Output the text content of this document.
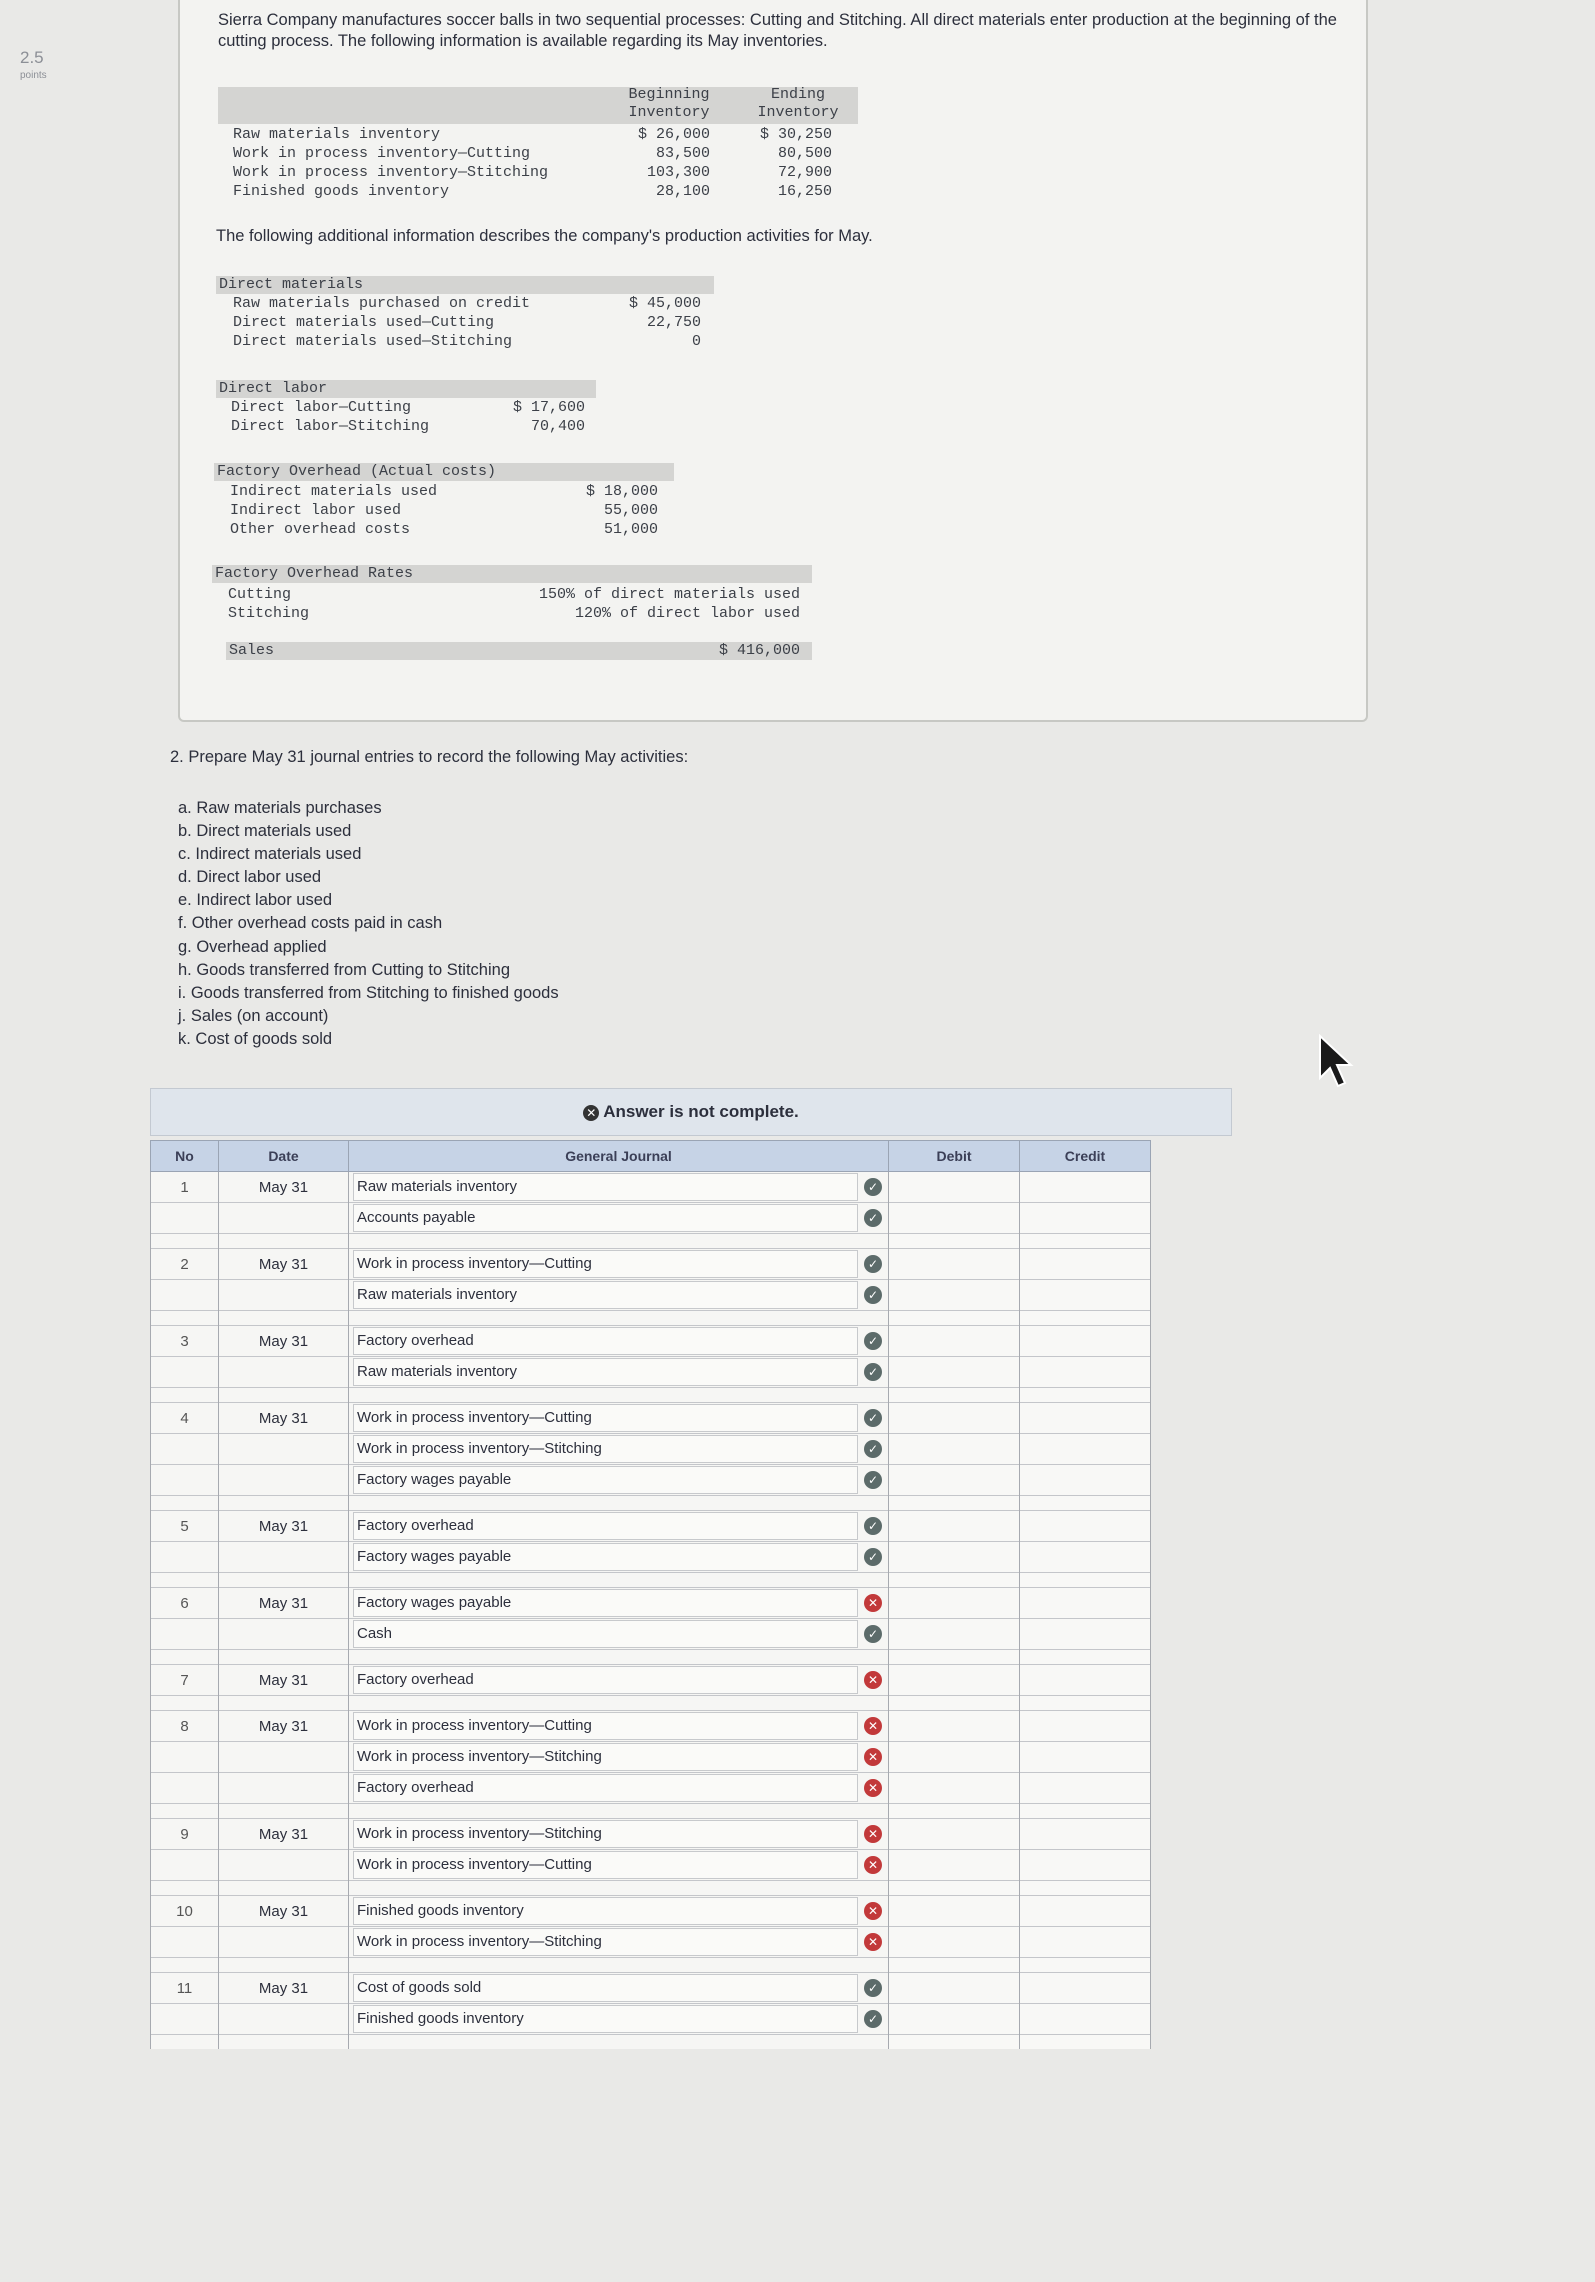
2.5
points
Sierra Company manufactures soccer balls in two sequential processes: Cutting and Stitching. All direct materials enter production at the beginning of the cutting process. The following information is available regarding its May inventories.
Beginning Inventory
Ending Inventory
Raw materials inventory	$ 26,000	$ 30,250
Work in process inventory—Cutting	83,500	80,500
Work in process inventory—Stitching	103,300	72,900
Finished goods inventory	28,100	16,250
The following additional information describes the company's production activities for May.
Direct materials
Raw materials purchased on credit	$ 45,000
Direct materials used—Cutting	22,750
Direct materials used—Stitching	0
Direct labor
Direct labor—Cutting	$ 17,600
Direct labor—Stitching	70,400
Factory Overhead (Actual costs)
Indirect materials used	$ 18,000
Indirect labor used	55,000
Other overhead costs	51,000
Factory Overhead Rates
Cutting	150% of direct materials used
Stitching	120% of direct labor used
Sales	$ 416,000
2. Prepare May 31 journal entries to record the following May activities:
a. Raw materials purchases
b. Direct materials used
c. Indirect materials used
d. Direct labor used
e. Indirect labor used
f. Other overhead costs paid in cash
g. Overhead applied
h. Goods transferred from Cutting to Stitching
i. Goods transferred from Stitching to finished goods
j. Sales (on account)
k. Cost of goods sold
✕ Answer is not complete.
No	Date	General Journal	Debit	Credit
1	May 31	Raw materials inventory ✓		

		Accounts payable ✓		

2	May 31	Work in process inventory—Cutting ✓		

		Raw materials inventory ✓		

3	May 31	Factory overhead ✓		

		Raw materials inventory ✓		

4	May 31	Work in process inventory—Cutting ✓		

		Work in process inventory—Stitching ✓		

		Factory wages payable ✓		

5	May 31	Factory overhead ✓		

		Factory wages payable ✓		

6	May 31	Factory wages payable ✕		

		Cash ✓		

7	May 31	Factory overhead ✕		

8	May 31	Work in process inventory—Cutting ✕		

		Work in process inventory—Stitching ✕		

		Factory overhead ✕		

9	May 31	Work in process inventory—Stitching ✕		

		Work in process inventory—Cutting ✕		

10	May 31	Finished goods inventory ✕		

		Work in process inventory—Stitching ✕		

11	May 31	Cost of goods sold ✓		

		Finished goods inventory ✓		
